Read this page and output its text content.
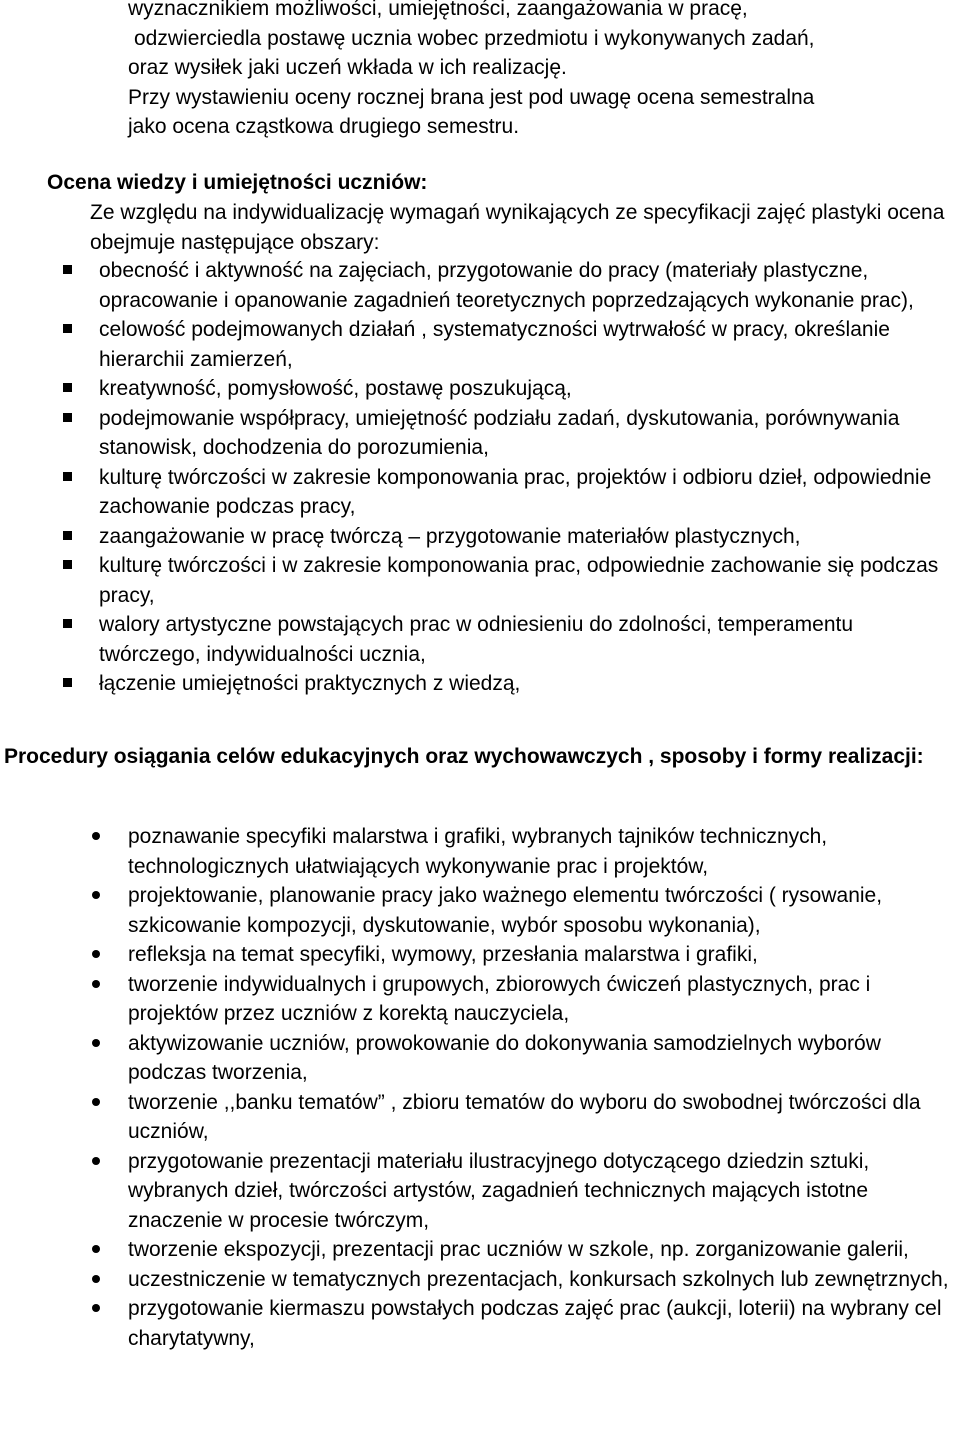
wyznacznikiem możliwości, umiejętności, zaangażowania w pracę,

odzwierciedla postawę ucznia wobec przedmiotu i wykonywanych zadań,

oraz wysiłek jaki uczeń wkłada w ich realizację.

Przy wystawieniu oceny rocznej brana jest pod uwagę ocena semestralna

jako ocena cząstkowa drugiego semestru.

Ocena wiedzy i umiejętności uczniów:

Ze względu na indywidualizację wymagań wynikających ze specyfikacji zajęć plastyki ocena obejmuje następujące obszary:

obecność i aktywność na zajęciach, przygotowanie do pracy (materiały plastyczne, opracowanie i opanowanie zagadnień teoretycznych poprzedzających wykonanie prac),
celowość podejmowanych działań , systematyczności wytrwałość w pracy, określanie hierarchii zamierzeń,
kreatywność, pomysłowość, postawę poszukującą,
podejmowanie współpracy, umiejętność podziału zadań, dyskutowania, porównywania stanowisk, dochodzenia do porozumienia,
kulturę twórczości w zakresie komponowania prac, projektów i odbioru dzieł, odpowiednie zachowanie podczas pracy,
zaangażowanie w pracę twórczą – przygotowanie materiałów plastycznych,
kulturę twórczości i w zakresie komponowania prac, odpowiednie zachowanie się podczas pracy,
walory artystyczne powstających prac w odniesieniu do zdolności, temperamentu twórczego, indywidualności ucznia,
łączenie umiejętności praktycznych z wiedzą,
Procedury osiągania celów edukacyjnych oraz wychowawczych , sposoby i formy realizacji:
poznawanie specyfiki malarstwa i grafiki, wybranych tajników technicznych, technologicznych ułatwiających wykonywanie prac i projektów,
projektowanie, planowanie pracy jako ważnego elementu twórczości ( rysowanie, szkicowanie kompozycji, dyskutowanie, wybór sposobu wykonania),
refleksja na temat specyfiki, wymowy, przesłania malarstwa i grafiki,
tworzenie indywidualnych i grupowych, zbiorowych ćwiczeń plastycznych, prac i projektów przez uczniów z korektą nauczyciela,
aktywizowanie uczniów, prowokowanie do dokonywania samodzielnych wyborów podczas tworzenia,
tworzenie ,,banku tematów” , zbioru tematów do wyboru do swobodnej twórczości dla uczniów,
przygotowanie prezentacji materiału ilustracyjnego dotyczącego dziedzin sztuki, wybranych dzieł, twórczości artystów, zagadnień technicznych mających istotne znaczenie w procesie twórczym,
tworzenie ekspozycji, prezentacji prac uczniów w szkole, np. zorganizowanie galerii,
uczestniczenie w tematycznych prezentacjach, konkursach szkolnych lub zewnętrznych,
przygotowanie kiermaszu powstałych podczas zajęć prac (aukcji, loterii) na wybrany cel charytatywny,
